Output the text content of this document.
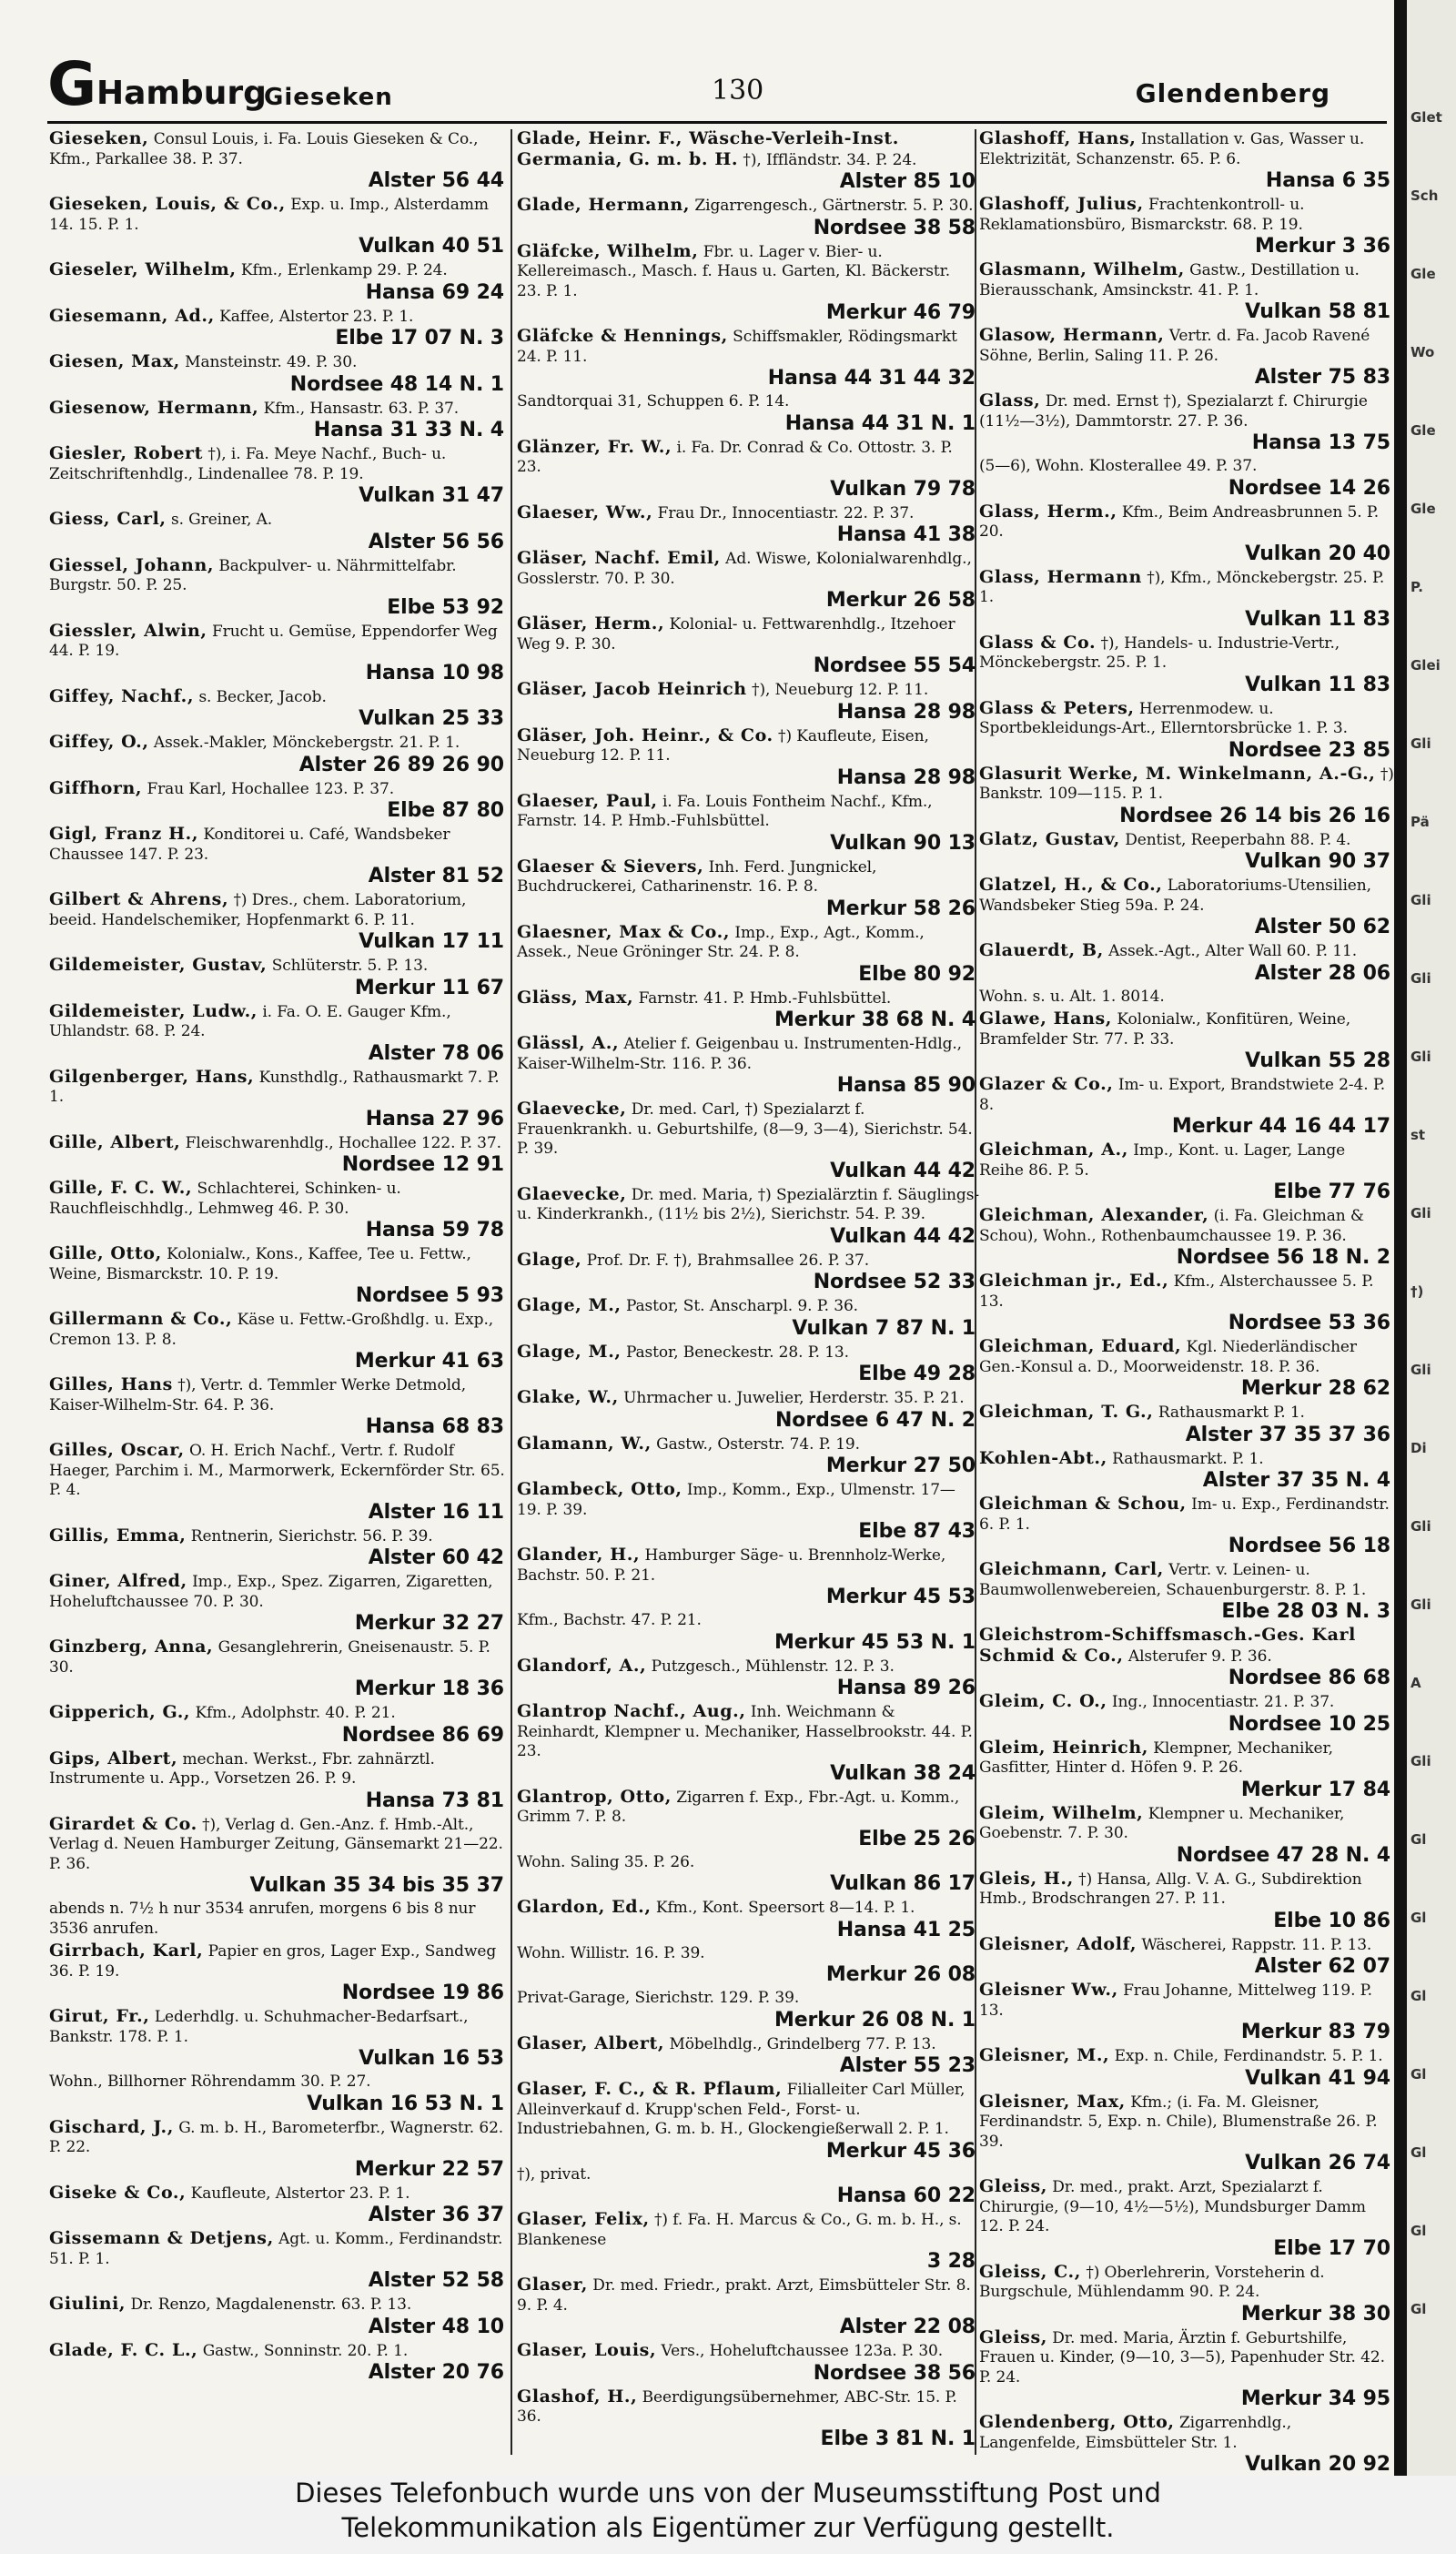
G Hamburg
Gieseken	130	Glendenberg
Gieseken, Consul Louis, i. Fa. Louis Gieseken & Co., Kfm., Parkallee 38. P. 37.
Alster 56 44
Gieseken, Louis, & Co., Exp. u. Imp., Alsterdamm 14. 15. P. 1.
Vulkan 40 51
Gieseler, Wilhelm, Kfm., Erlenkamp 29. P. 24.
Hansa 69 24
Giesemann, Ad., Kaffee, Alstertor 23. P. 1.
Elbe 17 07 N. 3
Giesen, Max, Mansteinstr. 49. P. 30.
Nordsee 48 14 N. 1
Giesenow, Hermann, Kfm., Hansastr. 63. P. 37.
Hansa 31 33 N. 4
Giesler, Robert †), i. Fa. Meye Nachf., Buch- u. Zeitschriftenhdlg., Lindenallee 78. P. 19.
Vulkan 31 47
Giess, Carl, s. Greiner, A.
Alster 56 56
Giessel, Johann, Backpulver- u. Nährmittelfabr. Burgstr. 50. P. 25.
Elbe 53 92
Giessler, Alwin, Frucht u. Gemüse, Eppendorfer Weg 44. P. 19.
Hansa 10 98
Giffey, Nachf., s. Becker, Jacob.
Vulkan 25 33
Giffey, O., Assek.-Makler, Mönckebergstr. 21. P. 1.
Alster 26 89 26 90
Giffhorn, Frau Karl, Hochallee 123. P. 37.
Elbe 87 80
Gigl, Franz H., Konditorei u. Café, Wandsbeker Chaussee 147. P. 23.
Alster 81 52
Gilbert & Ahrens, †) Dres., chem. Laboratorium, beeid. Handelschemiker, Hopfenmarkt 6. P. 11.
Vulkan 17 11
Gildemeister, Gustav, Schlüterstr. 5. P. 13.
Merkur 11 67
Gildemeister, Ludw., i. Fa. O. E. Gauger Kfm., Uhlandstr. 68. P. 24.
Alster 78 06
Gilgenberger, Hans, Kunsthdlg., Rathausmarkt 7. P. 1.
Hansa 27 96
Gille, Albert, Fleischwarenhdlg., Hochallee 122. P. 37.
Nordsee 12 91
Gille, F. C. W., Schlachterei, Schinken- u. Rauchfleischhdlg., Lehmweg 46. P. 30.
Hansa 59 78
Gille, Otto, Kolonialw., Kons., Kaffee, Tee u. Fettw., Weine, Bismarckstr. 10. P. 19.
Nordsee 5 93
Gillermann & Co., Käse u. Fettw.-Großhdlg. u. Exp., Cremon 13. P. 8.
Merkur 41 63
Gilles, Hans †), Vertr. d. Temmler Werke Detmold, Kaiser-Wilhelm-Str. 64. P. 36.
Hansa 68 83
Gilles, Oscar, O. H. Erich Nachf., Vertr. f. Rudolf Haeger, Parchim i. M., Marmorwerk, Eckernförder Str. 65. P. 4.
Alster 16 11
Gillis, Emma, Rentnerin, Sierichstr. 56. P. 39.
Alster 60 42
Giner, Alfred, Imp., Exp., Spez. Zigarren, Zigaretten, Hoheluftchaussee 70. P. 30.
Merkur 32 27
Ginzberg, Anna, Gesanglehrerin, Gneisenaustr. 5. P. 30.
Merkur 18 36
Gipperich, G., Kfm., Adolphstr. 40. P. 21.
Nordsee 86 69
Gips, Albert, mechan. Werkst., Fbr. zahnärztl. Instrumente u. App., Vorsetzen 26. P. 9.
Hansa 73 81
Girardet & Co. †), Verlag d. Gen.-Anz. f. Hmb.-Alt., Verlag d. Neuen Hamburger Zeitung, Gänsemarkt 21—22. P. 36.
Vulkan 35 34 bis 35 37
abends n. 7½ h nur 3534 anrufen, morgens 6 bis 8 nur 3536 anrufen.
Girrbach, Karl, Papier en gros, Lager Exp., Sandweg 36. P. 19.
Nordsee 19 86
Girut, Fr., Lederhdlg. u. Schuhmacher-Bedarfsart., Bankstr. 178. P. 1.
Vulkan 16 53
Wohn., Billhorner Röhrendamm 30. P. 27.
Vulkan 16 53 N. 1
Gischard, J., G. m. b. H., Barometerfbr., Wagnerstr. 62. P. 22.
Merkur 22 57
Giseke & Co., Kaufleute, Alstertor 23. P. 1.
Alster 36 37
Gissemann & Detjens, Agt. u. Komm., Ferdinandstr. 51. P. 1.
Alster 52 58
Giulini, Dr. Renzo, Magdalenenstr. 63. P. 13.
Alster 48 10
Glade, F. C. L., Gastw., Sonninstr. 20. P. 1.
Alster 20 76
Glade, Heinr. F., Wäsche-Verleih-Inst. Germania, G. m. b. H. †), Iffländstr. 34. P. 24.
Alster 85 10
Glade, Hermann, Zigarrengesch., Gärtnerstr. 5. P. 30.
Nordsee 38 58
Gläfcke, Wilhelm, Fbr. u. Lager v. Bier- u. Kellereimasch., Masch. f. Haus u. Garten, Kl. Bäckerstr. 23. P. 1.
Merkur 46 79
Gläfcke & Hennings, Schiffsmakler, Rödingsmarkt 24. P. 11.
Hansa 44 31 44 32
Sandtorquai 31, Schuppen 6. P. 14.
Hansa 44 31 N. 1
Glänzer, Fr. W., i. Fa. Dr. Conrad & Co. Ottostr. 3. P. 23.
Vulkan 79 78
Glaeser, Ww., Frau Dr., Innocentiastr. 22. P. 37.
Hansa 41 38
Gläser, Nachf. Emil, Ad. Wiswe, Kolonialwarenhdlg., Gosslerstr. 70. P. 30.
Merkur 26 58
Gläser, Herm., Kolonial- u. Fettwarenhdlg., Itzehoer Weg 9. P. 30.
Nordsee 55 54
Gläser, Jacob Heinrich †), Neueburg 12. P. 11.
Hansa 28 98
Gläser, Joh. Heinr., & Co. †) Kaufleute, Eisen, Neueburg 12. P. 11.
Hansa 28 98
Glaeser, Paul, i. Fa. Louis Fontheim Nachf., Kfm., Farnstr. 14. P. Hmb.-Fuhlsbüttel.
Vulkan 90 13
Glaeser & Sievers, Inh. Ferd. Jungnickel, Buchdruckerei, Catharinenstr. 16. P. 8.
Merkur 58 26
Glaesner, Max & Co., Imp., Exp., Agt., Komm., Assek., Neue Gröninger Str. 24. P. 8.
Elbe 80 92
Gläss, Max, Farnstr. 41. P. Hmb.-Fuhlsbüttel.
Merkur 38 68 N. 4
Glässl, A., Atelier f. Geigenbau u. Instrumenten-Hdlg., Kaiser-Wilhelm-Str. 116. P. 36.
Hansa 85 90
Glaevecke, Dr. med. Carl, †) Spezialarzt f. Frauenkrankh. u. Geburtshilfe, (8—9, 3—4), Sierichstr. 54. P. 39.
Vulkan 44 42
Glaevecke, Dr. med. Maria, †) Spezialärztin f. Säuglings- u. Kinderkrankh., (11½ bis 2½), Sierichstr. 54. P. 39.
Vulkan 44 42
Glage, Prof. Dr. F. †), Brahmsallee 26. P. 37.
Nordsee 52 33
Glage, M., Pastor, St. Anscharpl. 9. P. 36.
Vulkan 7 87 N. 1
Glage, M., Pastor, Beneckestr. 28. P. 13.
Elbe 49 28
Glake, W., Uhrmacher u. Juwelier, Herderstr. 35. P. 21.
Nordsee 6 47 N. 2
Glamann, W., Gastw., Osterstr. 74. P. 19.
Merkur 27 50
Glambeck, Otto, Imp., Komm., Exp., Ulmenstr. 17—19. P. 39.
Elbe 87 43
Glander, H., Hamburger Säge- u. Brennholz-Werke, Bachstr. 50. P. 21.
Merkur 45 53
Kfm., Bachstr. 47. P. 21.
Merkur 45 53 N. 1
Glandorf, A., Putzgesch., Mühlenstr. 12. P. 3.
Hansa 89 26
Glantrop Nachf., Aug., Inh. Weichmann & Reinhardt, Klempner u. Mechaniker, Hasselbrookstr. 44. P. 23.
Vulkan 38 24
Glantrop, Otto, Zigarren f. Exp., Fbr.-Agt. u. Komm., Grimm 7. P. 8.
Elbe 25 26
Wohn. Saling 35. P. 26.
Vulkan 86 17
Glardon, Ed., Kfm., Kont. Speersort 8—14. P. 1.
Hansa 41 25
Wohn. Willistr. 16. P. 39.
Merkur 26 08
Privat-Garage, Sierichstr. 129. P. 39.
Merkur 26 08 N. 1
Glaser, Albert, Möbelhdlg., Grindelberg 77. P. 13.
Alster 55 23
Glaser, F. C., & R. Pflaum, Filialleiter Carl Müller, Alleinverkauf d. Krupp'schen Feld-, Forst- u. Industriebahnen, G. m. b. H., Glockengießerwall 2. P. 1.
Merkur 45 36
†), privat.
Hansa 60 22
Glaser, Felix, †) f. Fa. H. Marcus & Co., G. m. b. H., s. Blankenese
3 28
Glaser, Dr. med. Friedr., prakt. Arzt, Eimsbütteler Str. 8. 9. P. 4.
Alster 22 08
Glaser, Louis, Vers., Hoheluftchaussee 123a. P. 30.
Nordsee 38 56
Glashof, H., Beerdigungsübernehmer, ABC-Str. 15. P. 36.
Elbe 3 81 N. 1
Glashoff, Hans, Installation v. Gas, Wasser u. Elektrizität, Schanzenstr. 65. P. 6.
Hansa 6 35
Glashoff, Julius, Frachtenkontroll- u. Reklamationsbüro, Bismarckstr. 68. P. 19.
Merkur 3 36
Glasmann, Wilhelm, Gastw., Destillation u. Bierausschank, Amsinckstr. 41. P. 1.
Vulkan 58 81
Glasow, Hermann, Vertr. d. Fa. Jacob Ravené Söhne, Berlin, Saling 11. P. 26.
Alster 75 83
Glass, Dr. med. Ernst †), Spezialarzt f. Chirurgie (11½—3½), Dammtorstr. 27. P. 36.
Hansa 13 75
(5—6), Wohn. Klosterallee 49. P. 37.
Nordsee 14 26
Glass, Herm., Kfm., Beim Andreasbrunnen 5. P. 20.
Vulkan 20 40
Glass, Hermann †), Kfm., Mönckebergstr. 25. P. 1.
Vulkan 11 83
Glass & Co. †), Handels- u. Industrie-Vertr., Mönckebergstr. 25. P. 1.
Vulkan 11 83
Glass & Peters, Herrenmodew. u. Sportbekleidungs-Art., Ellerntorsbrücke 1. P. 3.
Nordsee 23 85
Glasurit Werke, M. Winkelmann, A.-G., †) Bankstr. 109—115. P. 1.
Nordsee 26 14 bis 26 16
Glatz, Gustav, Dentist, Reeperbahn 88. P. 4.
Vulkan 90 37
Glatzel, H., & Co., Laboratoriums-Utensilien, Wandsbeker Stieg 59a. P. 24.
Alster 50 62
Glauerdt, B, Assek.-Agt., Alter Wall 60. P. 11.
Alster 28 06
Wohn. s. u. Alt. 1. 8014.
Glawe, Hans, Kolonialw., Konfitüren, Weine, Bramfelder Str. 77. P. 33.
Vulkan 55 28
Glazer & Co., Im- u. Export, Brandstwiete 2-4. P. 8.
Merkur 44 16 44 17
Gleichman, A., Imp., Kont. u. Lager, Lange Reihe 86. P. 5.
Elbe 77 76
Gleichman, Alexander, (i. Fa. Gleichman & Schou), Wohn., Rothenbaumchaussee 19. P. 36.
Nordsee 56 18 N. 2
Gleichman jr., Ed., Kfm., Alsterchaussee 5. P. 13.
Nordsee 53 36
Gleichman, Eduard, Kgl. Niederländischer Gen.-Konsul a. D., Moorweidenstr. 18. P. 36.
Merkur 28 62
Gleichman, T. G., Rathausmarkt P. 1.
Alster 37 35 37 36
Kohlen-Abt., Rathausmarkt. P. 1.
Alster 37 35 N. 4
Gleichman & Schou, Im- u. Exp., Ferdinandstr. 6. P. 1.
Nordsee 56 18
Gleichmann, Carl, Vertr. v. Leinen- u. Baumwollenwebereien, Schauenburgerstr. 8. P. 1.
Elbe 28 03 N. 3
Gleichstrom-Schiffsmasch.-Ges. Karl Schmid & Co., Alsterufer 9. P. 36.
Nordsee 86 68
Gleim, C. O., Ing., Innocentiastr. 21. P. 37.
Nordsee 10 25
Gleim, Heinrich, Klempner, Mechaniker, Gasfitter, Hinter d. Höfen 9. P. 26.
Merkur 17 84
Gleim, Wilhelm, Klempner u. Mechaniker, Goebenstr. 7. P. 30.
Nordsee 47 28 N. 4
Gleis, H., †) Hansa, Allg. V. A. G., Subdirektion Hmb., Brodschrangen 27. P. 11.
Elbe 10 86
Gleisner, Adolf, Wäscherei, Rappstr. 11. P. 13.
Alster 62 07
Gleisner Ww., Frau Johanne, Mittelweg 119. P. 13.
Merkur 83 79
Gleisner, M., Exp. n. Chile, Ferdinandstr. 5. P. 1.
Vulkan 41 94
Gleisner, Max, Kfm.; (i. Fa. M. Gleisner, Ferdinandstr. 5, Exp. n. Chile), Blumenstraße 26. P. 39.
Vulkan 26 74
Gleiss, Dr. med., prakt. Arzt, Spezialarzt f. Chirurgie, (9—10, 4½—5½), Mundsburger Damm 12. P. 24.
Elbe 17 70
Gleiss, C., †) Oberlehrerin, Vorsteherin d. Burgschule, Mühlendamm 90. P. 24.
Merkur 38 30
Gleiss, Dr. med. Maria, Ärztin f. Geburtshilfe, Frauen u. Kinder, (9—10, 3—5), Papenhuder Str. 42. P. 24.
Merkur 34 95
Glendenberg, Otto, Zigarrenhdlg., Langenfelde, Eimsbütteler Str. 1.
Vulkan 20 92
Glet
Sch
Gle
Wo
Gle
Gle
P.
Glei
Gli
Pä
Gli
Gli
Gli
st
Gli
†)
Gli
Di
Gli
Gli
A
Gli
Gl
Gl
Gl
Gl
Gl
Gl
Gl
Dieses Telefonbuch wurde uns von der Museumsstiftung Post und
Telekommunikation als Eigentümer zur Verfügung gestellt.
